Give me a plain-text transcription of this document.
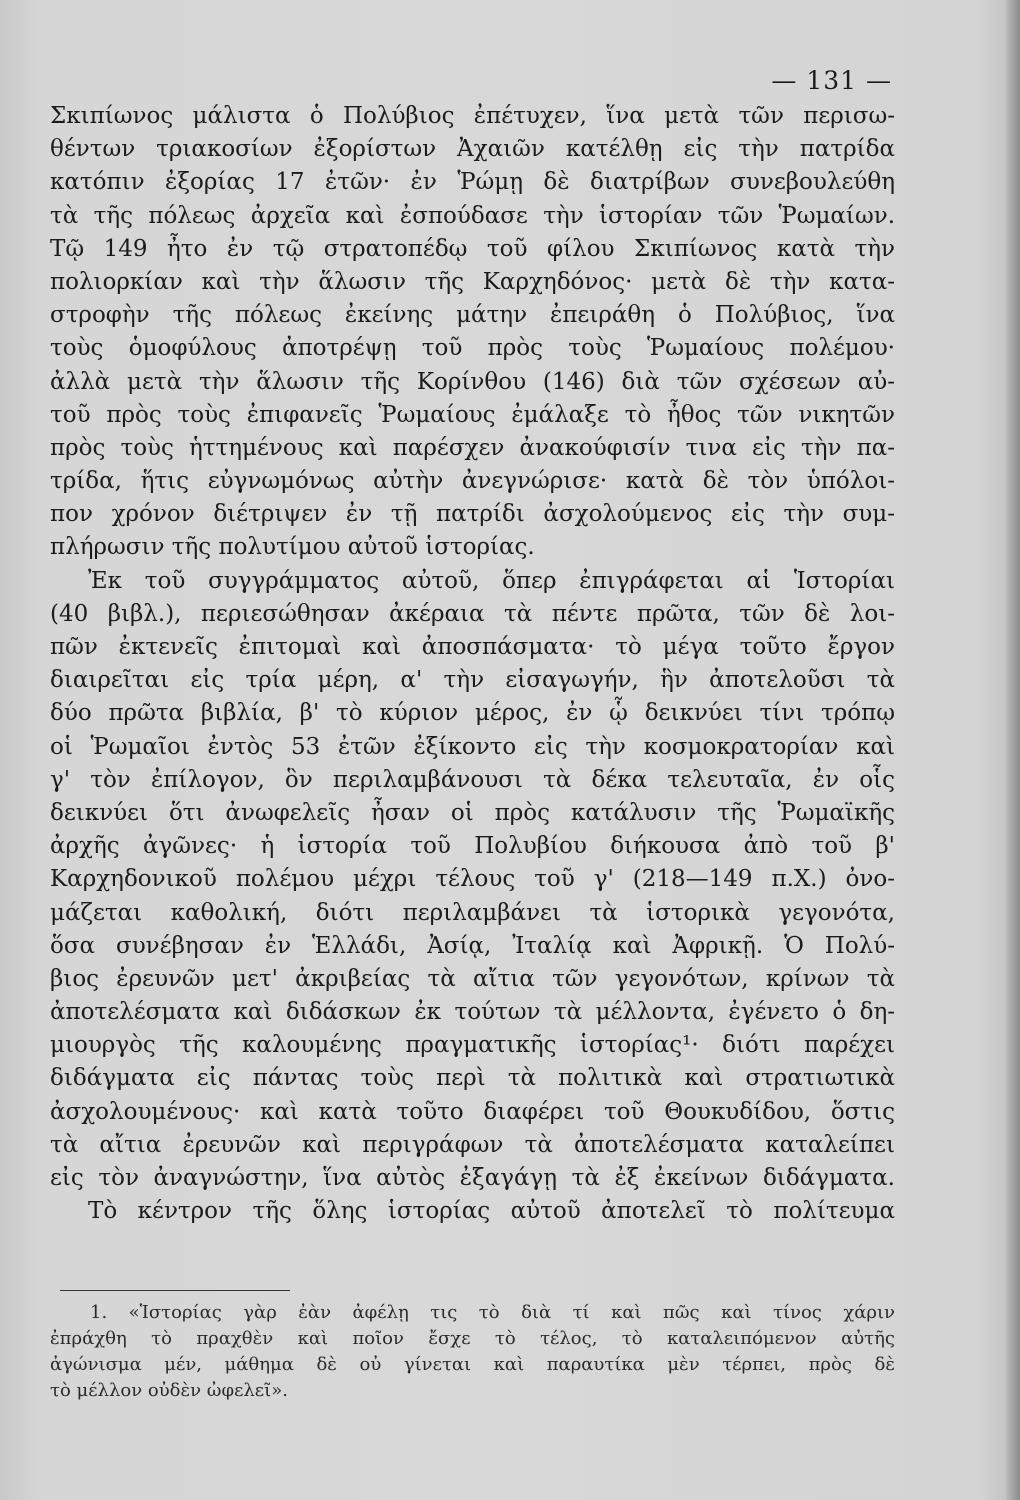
— 131 —
Σκιπίωνος μάλιστα ὁ Πολύβιος ἐπέτυχεν, ἵνα μετὰ τῶν περισω-
θέντων τριακοσίων ἐξορίστων Ἀχαιῶν κατέλθῃ εἰς τὴν πατρίδα
κατόπιν ἐξορίας 17 ἐτῶν· ἐν Ῥώμῃ δὲ διατρίβων συνεβουλεύθη
τὰ τῆς πόλεως ἀρχεῖα καὶ ἐσπούδασε τὴν ἱστορίαν τῶν Ῥωμαίων.
Τῷ 149 ἦτο ἐν τῷ στρατοπέδῳ τοῦ φίλου Σκιπίωνος κατὰ τὴν
πολιορκίαν καὶ τὴν ἅλωσιν τῆς Καρχηδόνος· μετὰ δὲ τὴν κατα-
στροφὴν τῆς πόλεως ἐκείνης μάτην ἐπειράθη ὁ Πολύβιος, ἵνα
τοὺς ὁμοφύλους ἀποτρέψῃ τοῦ πρὸς τοὺς Ῥωμαίους πολέμου·
ἀλλὰ μετὰ τὴν ἅλωσιν τῆς Κορίνθου (146) διὰ τῶν σχέσεων αὐ-
τοῦ πρὸς τοὺς ἐπιφανεῖς Ῥωμαίους ἐμάλαξε τὸ ἦθος τῶν νικητῶν
πρὸς τοὺς ἡττημένους καὶ παρέσχεν ἀνακούφισίν τινα εἰς τὴν πα-
τρίδα, ἥτις εὐγνωμόνως αὐτὴν ἀνεγνώρισε· κατὰ δὲ τὸν ὑπόλοι-
πον χρόνον διέτριψεν ἐν τῇ πατρίδι ἀσχολούμενος εἰς τὴν συμ-
πλήρωσιν τῆς πολυτίμου αὐτοῦ ἱστορίας.
Ἐκ τοῦ συγγράμματος αὐτοῦ, ὅπερ ἐπιγράφεται αἱ Ἱστορίαι
(40 βιβλ.), περιεσώθησαν ἀκέραια τὰ πέντε πρῶτα, τῶν δὲ λοι-
πῶν ἐκτενεῖς ἐπιτομαὶ καὶ ἀποσπάσματα· τὸ μέγα τοῦτο ἔργον
διαιρεῖται εἰς τρία μέρη, α' τὴν εἰσαγωγήν, ἣν ἀποτελοῦσι τὰ
δύο πρῶτα βιβλία, β' τὸ κύριον μέρος, ἐν ᾧ δεικνύει τίνι τρόπῳ
οἱ Ῥωμαῖοι ἐντὸς 53 ἐτῶν ἐξίκοντο εἰς τὴν κοσμοκρατορίαν καὶ
γ' τὸν ἐπίλογον, ὃν περιλαμβάνουσι τὰ δέκα τελευταῖα, ἐν οἷς
δεικνύει ὅτι ἀνωφελεῖς ἦσαν οἱ πρὸς κατάλυσιν τῆς Ῥωμαϊκῆς
ἀρχῆς ἀγῶνες· ἡ ἱστορία τοῦ Πολυβίου διήκουσα ἀπὸ τοῦ β'
Καρχηδονικοῦ πολέμου μέχρι τέλους τοῦ γ' (218—149 π.Χ.) ὀνο-
μάζεται καθολική, διότι περιλαμβάνει τὰ ἱστορικὰ γεγονότα,
ὅσα συνέβησαν ἐν Ἑλλάδι, Ἀσίᾳ, Ἰταλίᾳ καὶ Ἀφρικῇ. Ὁ Πολύ-
βιος ἐρευνῶν μετ' ἀκριβείας τὰ αἴτια τῶν γεγονότων, κρίνων τὰ
ἀποτελέσματα καὶ διδάσκων ἐκ τούτων τὰ μέλλοντα, ἐγένετο ὁ δη-
μιουργὸς τῆς καλουμένης πραγματικῆς ἱστορίας¹· διότι παρέχει
διδάγματα εἰς πάντας τοὺς περὶ τὰ πολιτικὰ καὶ στρατιωτικὰ
ἀσχολουμένους· καὶ κατὰ τοῦτο διαφέρει τοῦ Θουκυδίδου, ὅστις
τὰ αἴτια ἐρευνῶν καὶ περιγράφων τὰ ἀποτελέσματα καταλείπει
εἰς τὸν ἀναγνώστην, ἵνα αὐτὸς ἐξαγάγῃ τὰ ἐξ ἐκείνων διδάγματα.
Τὸ κέντρον τῆς ὅλης ἱστορίας αὐτοῦ ἀποτελεῖ τὸ πολίτευμα
1. «Ἱστορίας γὰρ ἐὰν ἀφέλῃ τις τὸ διὰ τί καὶ πῶς καὶ τίνος χάριν
ἐπράχθη τὸ πραχθὲν καὶ ποῖον ἔσχε τὸ τέλος, τὸ καταλειπόμενον αὐτῆς
ἀγώνισμα μέν, μάθημα δὲ οὐ γίνεται καὶ παραυτίκα μὲν τέρπει, πρὸς δὲ
τὸ μέλλον οὐδὲν ὠφελεῖ».
